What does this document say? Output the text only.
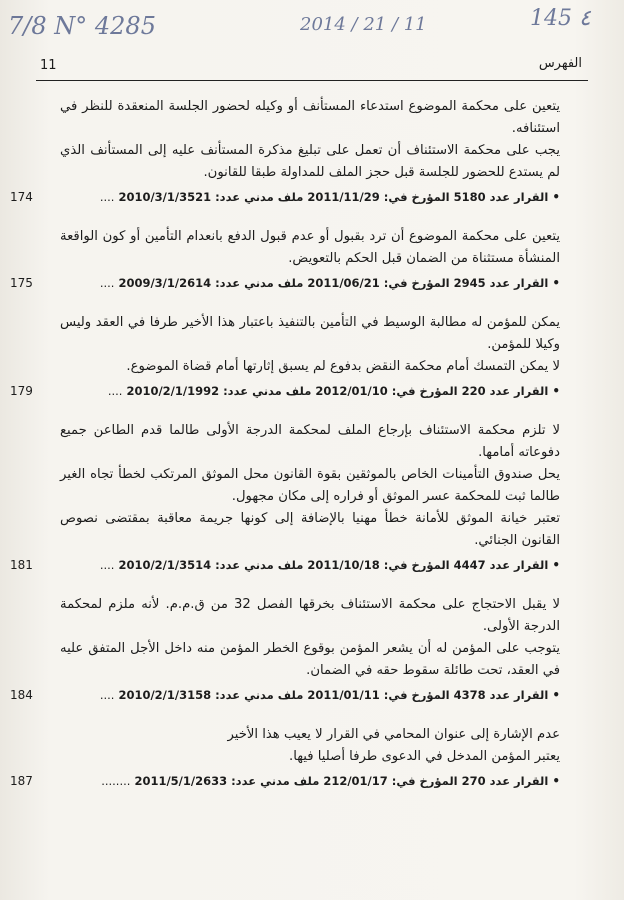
7/8 N° 4285	2014 / 21 / 11	145 ٤
11	الفهرس

يتعين على محكمة الموضوع استدعاء المستأنف أو وكيله لحضور الجلسة المنعقدة للنظر في استئنافه.

يجب على محكمة الاستئناف أن تعمل على تبليغ مذكرة المستأنف عليه إلى المستأنف الذي لم يستدع للحضور للجلسة قبل حجز الملف للمداولة طبقا للقانون.

• القرار عدد 5180 المؤرخ في: 2011/11/29 ملف مدني عدد: 2010/3/1/3521 ....
174

يتعين على محكمة الموضوع أن ترد بقبول أو عدم قبول الدفع بانعدام التأمين أو كون الواقعة المنشأة مستثناة من الضمان قبل الحكم بالتعويض.

• القرار عدد 2945 المؤرخ في: 2011/06/21 ملف مدني عدد: 2009/3/1/2614 ....
175

يمكن للمؤمن له مطالبة الوسيط في التأمين بالتنفيذ باعتبار هذا الأخير طرفا في العقد وليس وكيلا للمؤمن.

لا يمكن التمسك أمام محكمة النقض بدفوع لم يسبق إثارتها أمام قضاة الموضوع.

• القرار عدد 220 المؤرخ في: 2012/01/10 ملف مدني عدد: 2010/2/1/1992 ....
179

لا تلزم محكمة الاستئناف بإرجاع الملف لمحكمة الدرجة الأولى طالما قدم الطاعن جميع دفوعاته أمامها.

يحل صندوق التأمينات الخاص بالموثقين بقوة القانون محل الموثق المرتكب لخطأ تجاه الغير طالما ثبت للمحكمة عسر الموثق أو فراره إلى مكان مجهول.

تعتبر خيانة الموثق للأمانة خطأ مهنيا بالإضافة إلى كونها جريمة معاقبة بمقتضى نصوص القانون الجنائي.

• القرار عدد 4447 المؤرخ في: 2011/10/18 ملف مدني عدد: 2010/2/1/3514 ....
181

لا يقبل الاحتجاج على محكمة الاستئناف بخرقها الفصل 32 من ق.م.م. لأنه ملزم لمحكمة الدرجة الأولى.

يتوجب على المؤمن له أن يشعر المؤمن بوقوع الخطر المؤمن منه داخل الأجل المتفق عليه في العقد، تحت طائلة سقوط حقه في الضمان.

• القرار عدد 4378 المؤرخ في: 2011/01/11 ملف مدني عدد: 2010/2/1/3158 ....
184

عدم الإشارة إلى عنوان المحامي في القرار لا يعيب هذا الأخير

يعتبر المؤمن المدخل في الدعوى طرفا أصليا فيها.

• القرار عدد 270 المؤرخ في: 212/01/17 ملف مدني عدد: 2011/5/1/2633 ........
187
